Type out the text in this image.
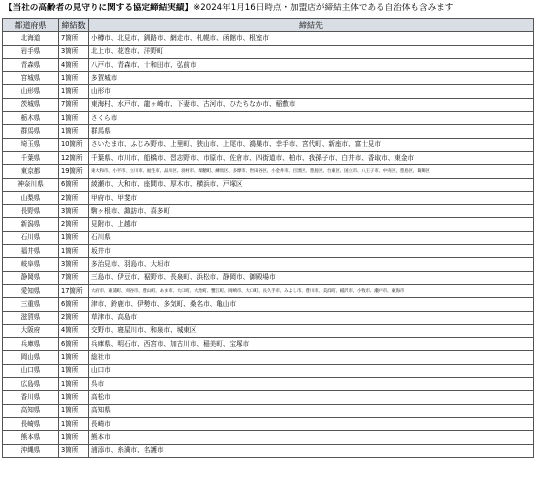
【当社の高齢者の見守りに関する協定締結実績】※2024年1月16日時点・加盟店が締結主体である自治体も含みます
都道府県	締結数	締結先
北海道	7箇所	小樽市、北見市、釧路市、網走市、札幌市、函館市、根室市
岩手県	3箇所	北上市、花巻市、洋野町
青森県	4箇所	八戸市、青森市、十和田市、弘前市
宮城県	1箇所	多賀城市
山形県	1箇所	山形市
茨城県	7箇所	東海村、水戸市、龍ヶ崎市、下妻市、古河市、ひたちなか市、稲敷市
栃木県	1箇所	さくら市
群馬県	1箇所	群馬県
埼玉県	10箇所	さいたま市、ふじみ野市、上里町、狭山市、上尾市、鴻巣市、幸手市、宮代町、新座市、富士見市
千葉県	12箇所	千葉県、市川市、船橋市、習志野市、市原市、佐倉市、四街道市、柏市、我孫子市、白井市、香取市、東金市
東京都	19箇所	東大和市、小平市、立川市、福生市、品川区、羽村市、瑞穂町、練馬区、多摩市、世田谷区、小金井市、目黒区、豊島区、台東区、国立市、八王子市、中央区、豊島区、葛飾区
神奈川県	6箇所	綾瀬市、大和市、座間市、厚木市、横浜市、戸塚区
山梨県	2箇所	甲府市、甲斐市
長野県	3箇所	駒ヶ根市、諏訪市、喜多町
新潟県	2箇所	見附市、上越市
石川県	1箇所	石川県
福井県	1箇所	坂井市
岐阜県	3箇所	多治見市、羽島市、大垣市
静岡県	7箇所	三島市、伊豆市、裾野市、長泉町、浜松市、静岡市、御殿場市
愛知県	17箇所	大府市、東浦町、刈谷市、豊山町、あま市、大口町、大治町、蟹江町、岡崎市、大口町、長久手市、みよし市、豊川市、美浜町、稲沢市、小牧市、瀬戸市、東海市
三重県	6箇所	津市、鈴鹿市、伊勢市、多気町、桑名市、亀山市
滋賀県	2箇所	草津市、高島市
大阪府	4箇所	交野市、寝屋川市、和泉市、城東区
兵庫県	6箇所	兵庫県、明石市、西宮市、加古川市、稲美町、宝塚市
岡山県	1箇所	総社市
山口県	1箇所	山口市
広島県	1箇所	呉市
香川県	1箇所	高松市
高知県	1箇所	高知県
長崎県	1箇所	長崎市
熊本県	1箇所	熊本市
沖縄県	3箇所	浦添市、糸満市、名護市
